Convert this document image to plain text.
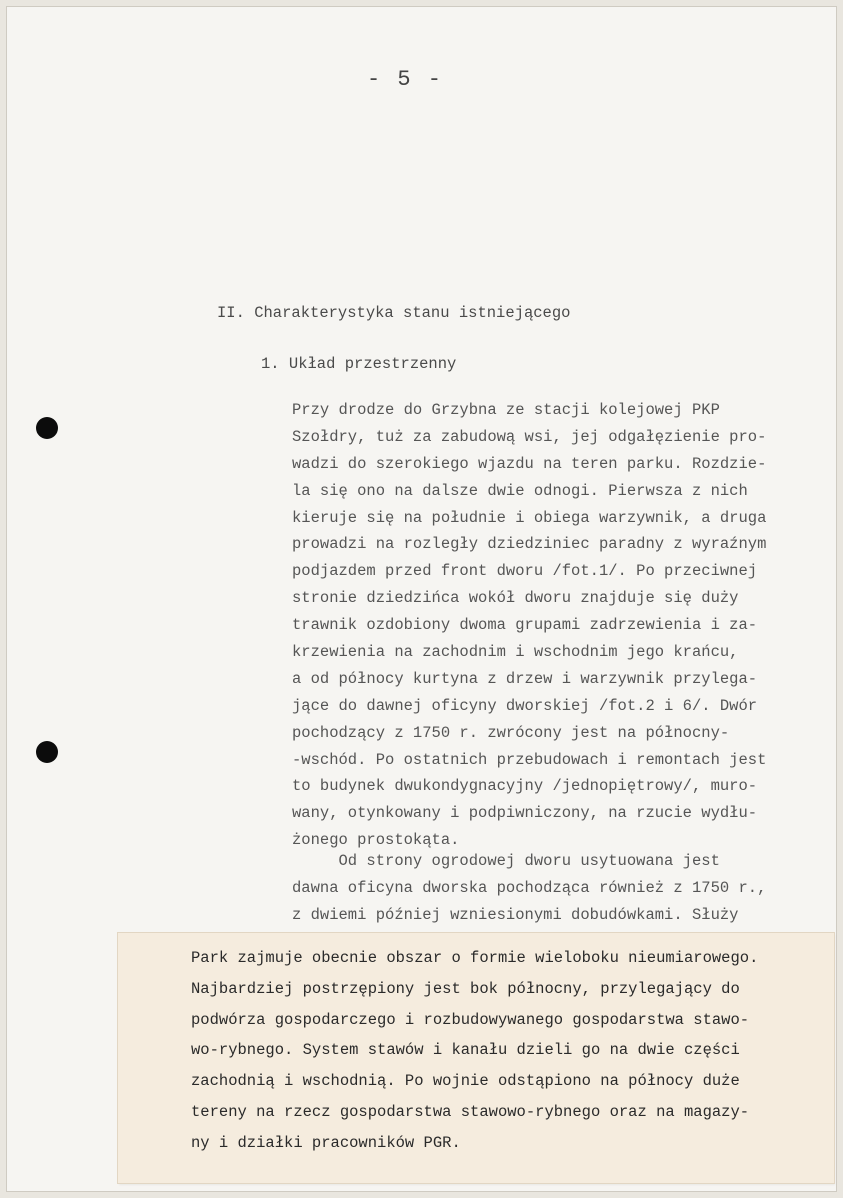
- 5 -
II. Charakterystyka stanu istniejącego
1. Układ przestrzenny
Przy drodze do Grzybna ze stacji kolejowej PKP
Szołdry, tuż za zabudową wsi, jej odgałęzienie pro-
wadzi do szerokiego wjazdu na teren parku. Rozdzie-
la się ono na dalsze dwie odnogi. Pierwsza z nich
kieruje się na południe i obiega warzywnik, a druga
prowadzi na rozległy dziedziniec paradny z wyraźnym
podjazdem przed front dworu /fot.1/. Po przeciwnej
stronie dziedzińca wokół dworu znajduje się duży
trawnik ozdobiony dwoma grupami zadrzewienia i za-
krzewienia na zachodnim i wschodnim jego krańcu,
a od północy kurtyna z drzew i warzywnik przylega-
jące do dawnej oficyny dworskiej /fot.2 i 6/. Dwór
pochodzący z 1750 r. zwrócony jest na północny-
-wschód. Po ostatnich przebudowach i remontach jest
to budynek dwukondygnacyjny /jednopiętrowy/, muro-
wany, otynkowany i podpiwniczony, na rzucie wydłu-
żonego prostokąta.
Od strony ogrodowej dworu usytuowana jest
dawna oficyna dworska pochodząca również z 1750 r.,
z dwiemi później wzniesionymi dobudówkami. Służy
Park zajmuje obecnie obszar o formie wieloboku nieumiarowego.
Najbardziej postrzępiony jest bok północny, przylegający do
podwórza gospodarczego i rozbudowywanego gospodarstwa stawo-
wo-rybnego. System stawów i kanału dzieli go na dwie części
zachodnią i wschodnią. Po wojnie odstąpiono na północy duże
tereny na rzecz gospodarstwa stawowo-rybnego oraz na magazy-
ny i działki pracowników PGR.
